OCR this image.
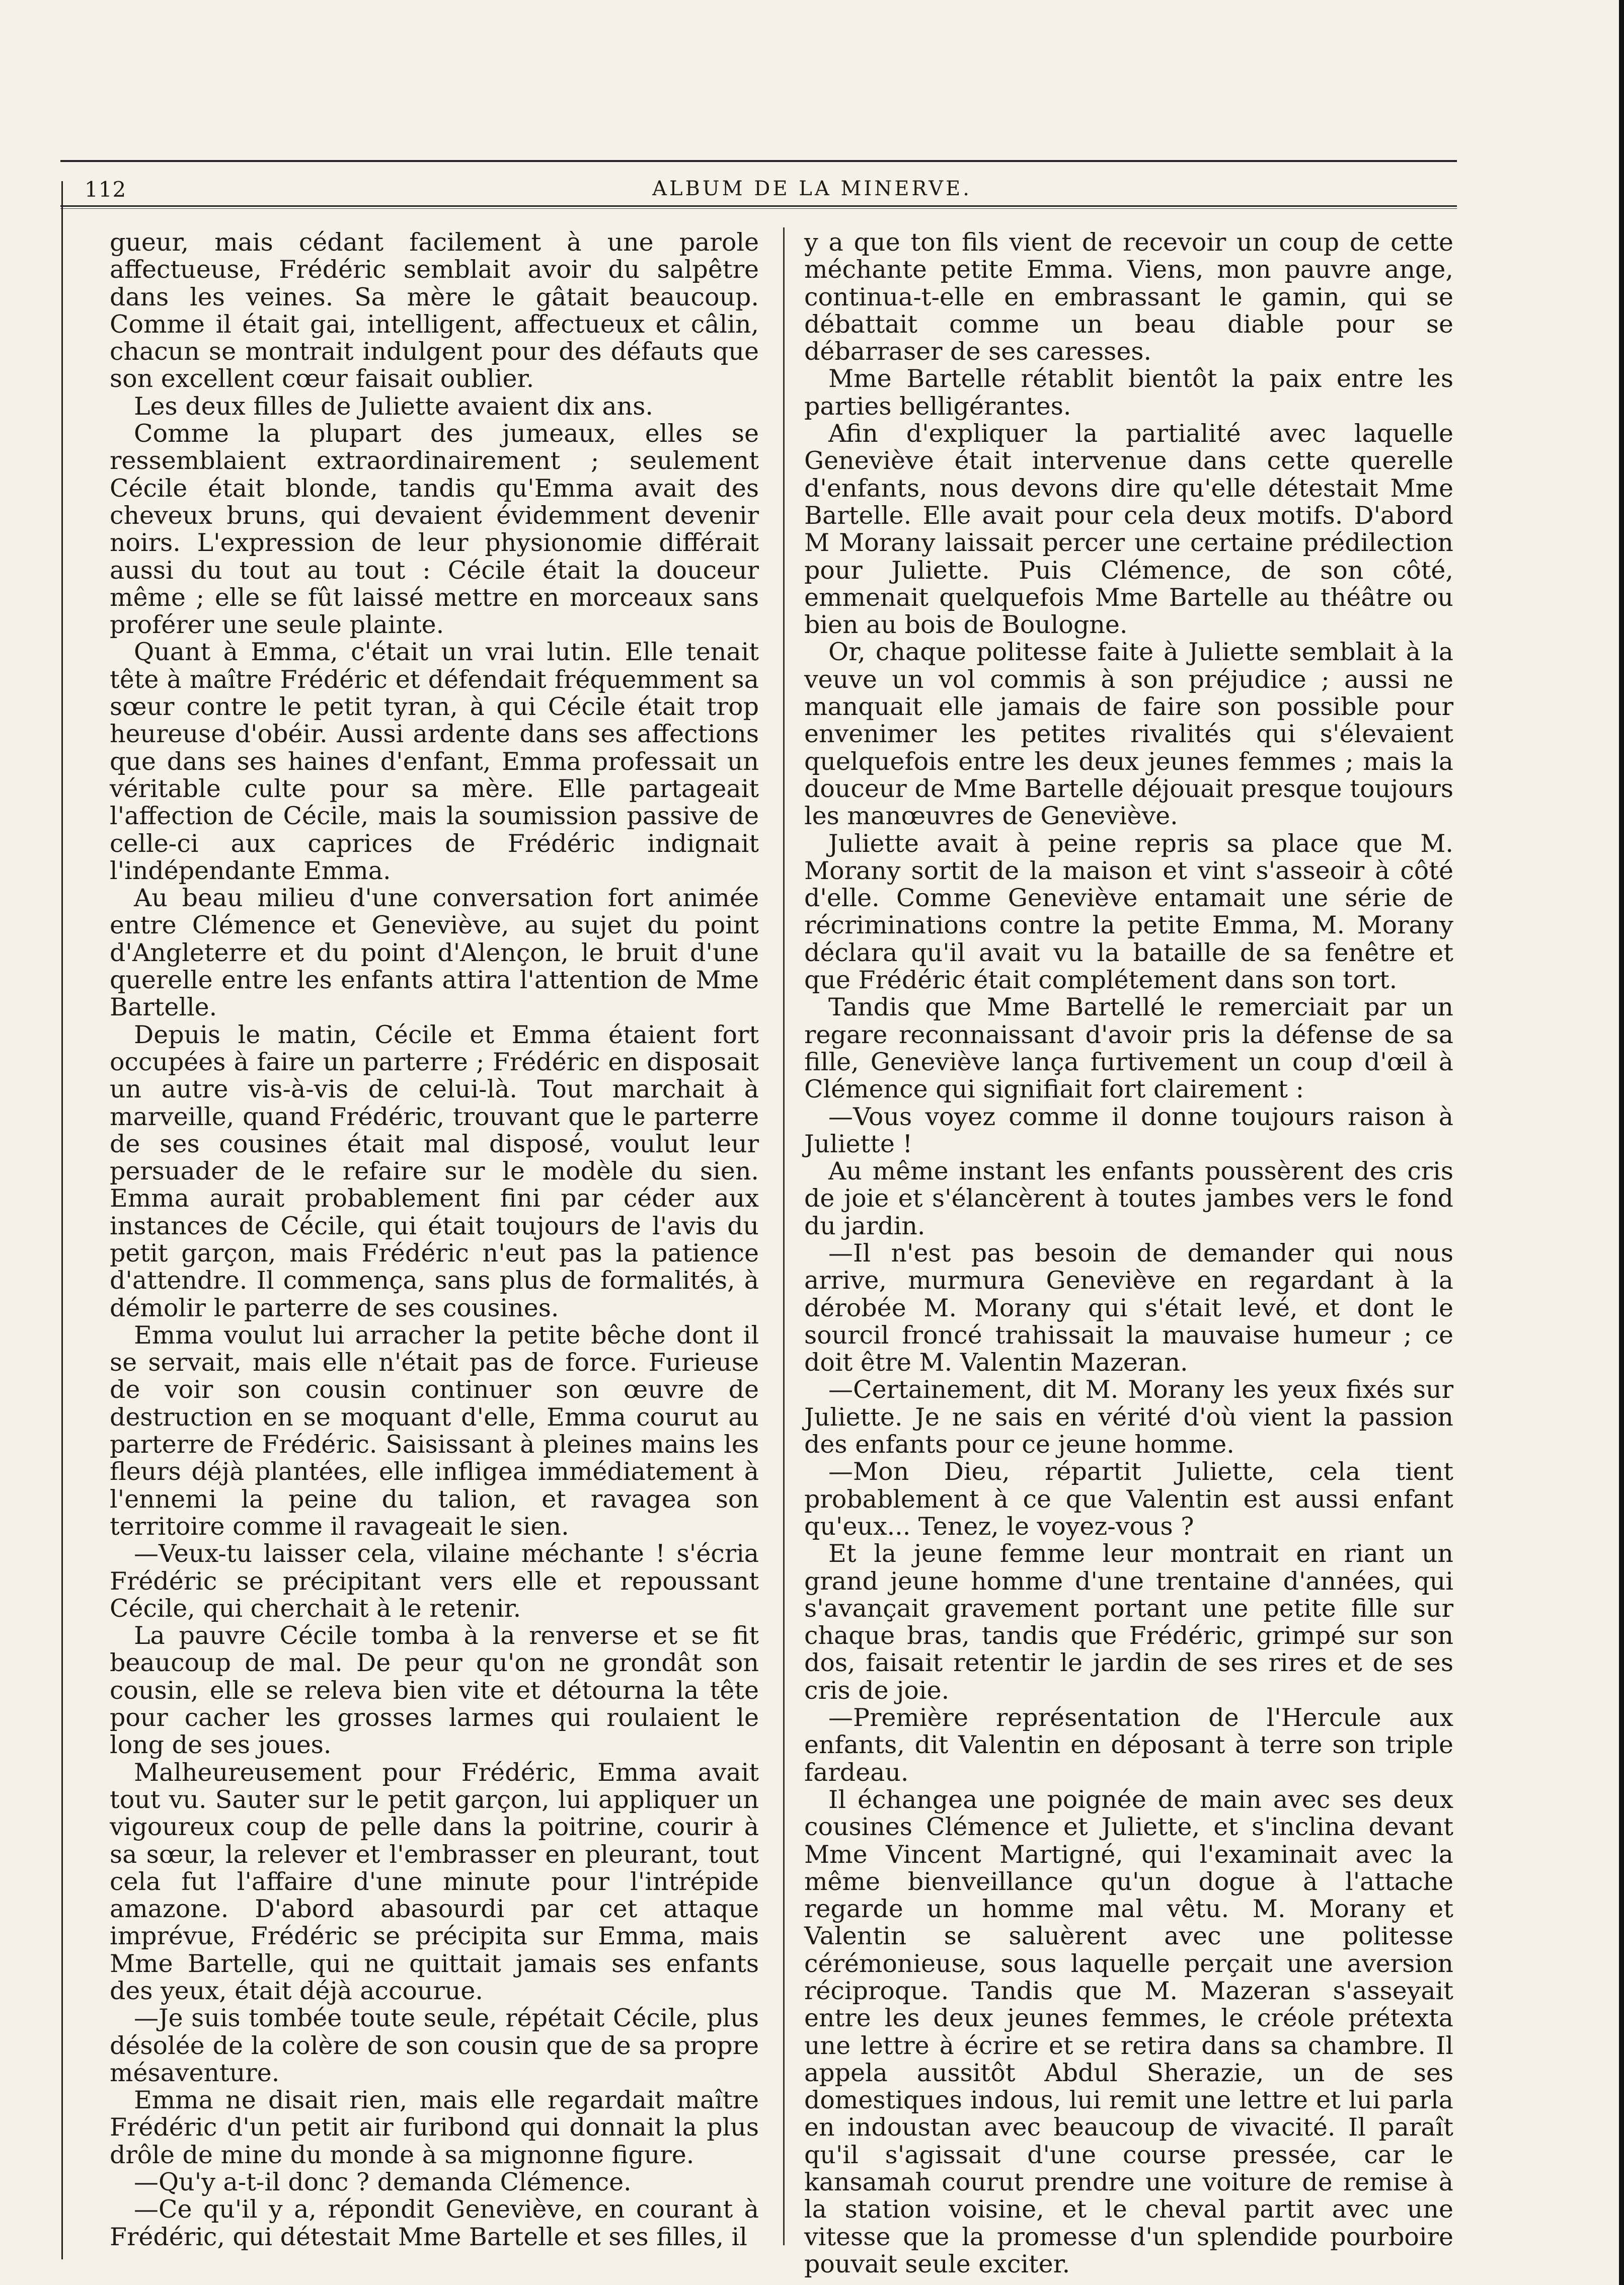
112	ALBUM DE LA MINERVE.

gueur, mais cédant facilement à une parole affectueuse, Frédéric semblait avoir du salpêtre dans les veines. Sa mère le gâtait beaucoup. Comme il était gai, intelligent, affectueux et câlin, chacun se montrait indulgent pour des défauts que son excellent cœur faisait oublier.

Les deux filles de Juliette avaient dix ans.

Comme la plupart des jumeaux, elles se ressemblaient extraordinairement ; seulement Cécile était blonde, tandis qu'Emma avait des cheveux bruns, qui devaient évidemment devenir noirs. L'expression de leur physionomie différait aussi du tout au tout : Cécile était la douceur même ; elle se fût laissé mettre en morceaux sans proférer une seule plainte.

Quant à Emma, c'était un vrai lutin. Elle tenait tête à maître Frédéric et défendait fréquemment sa sœur contre le petit tyran, à qui Cécile était trop heureuse d'obéir. Aussi ardente dans ses affections que dans ses haines d'enfant, Emma professait un véritable culte pour sa mère. Elle partageait l'affection de Cécile, mais la soumission passive de celle-ci aux caprices de Frédéric indignait l'indépendante Emma.

Au beau milieu d'une conversation fort animée entre Clémence et Geneviève, au sujet du point d'Angleterre et du point d'Alençon, le bruit d'une querelle entre les enfants attira l'attention de Mme Bartelle.

Depuis le matin, Cécile et Emma étaient fort occupées à faire un parterre ; Frédéric en disposait un autre vis-à-vis de celui-là. Tout marchait à marveille, quand Frédéric, trouvant que le parterre de ses cousines était mal disposé, voulut leur persuader de le refaire sur le modèle du sien. Emma aurait probablement fini par céder aux instances de Cécile, qui était toujours de l'avis du petit garçon, mais Frédéric n'eut pas la patience d'attendre. Il commença, sans plus de formalités, à démolir le parterre de ses cousines.

Emma voulut lui arracher la petite bêche dont il se servait, mais elle n'était pas de force. Furieuse de voir son cousin continuer son œuvre de destruction en se moquant d'elle, Emma courut au parterre de Frédéric. Saisissant à pleines mains les fleurs déjà plantées, elle infligea immédiatement à l'ennemi la peine du talion, et ravagea son territoire comme il ravageait le sien.

—Veux-tu laisser cela, vilaine méchante ! s'écria Frédéric se précipitant vers elle et repoussant Cécile, qui cherchait à le retenir.

La pauvre Cécile tomba à la renverse et se fit beaucoup de mal. De peur qu'on ne grondât son cousin, elle se releva bien vite et détourna la tête pour cacher les grosses larmes qui roulaient le long de ses joues.

Malheureusement pour Frédéric, Emma avait tout vu. Sauter sur le petit garçon, lui appliquer un vigoureux coup de pelle dans la poitrine, courir à sa sœur, la relever et l'embrasser en pleurant, tout cela fut l'affaire d'une minute pour l'intrépide amazone. D'abord abasourdi par cet attaque imprévue, Frédéric se précipita sur Emma, mais Mme Bartelle, qui ne quittait jamais ses enfants des yeux, était déjà accourue.

—Je suis tombée toute seule, répétait Cécile, plus désolée de la colère de son cousin que de sa propre mésaventure.

Emma ne disait rien, mais elle regardait maître Frédéric d'un petit air furibond qui donnait la plus drôle de mine du monde à sa mignonne figure.

—Qu'y a-t-il donc ? demanda Clémence.

—Ce qu'il y a, répondit Geneviève, en courant à Frédéric, qui détestait Mme Bartelle et ses filles, il

y a que ton fils vient de recevoir un coup de cette méchante petite Emma. Viens, mon pauvre ange, continua-t-elle en embrassant le gamin, qui se débattait comme un beau diable pour se débarraser de ses caresses.

Mme Bartelle rétablit bientôt la paix entre les parties belligérantes.

Afin d'expliquer la partialité avec laquelle Geneviève était intervenue dans cette querelle d'enfants, nous devons dire qu'elle détestait Mme Bartelle. Elle avait pour cela deux motifs. D'abord M Morany laissait percer une certaine prédilection pour Juliette. Puis Clémence, de son côté, emmenait quelquefois Mme Bartelle au théâtre ou bien au bois de Boulogne.

Or, chaque politesse faite à Juliette semblait à la veuve un vol commis à son préjudice ; aussi ne manquait elle jamais de faire son possible pour envenimer les petites rivalités qui s'élevaient quelquefois entre les deux jeunes femmes ; mais la douceur de Mme Bartelle déjouait presque toujours les manœuvres de Geneviève.

Juliette avait à peine repris sa place que M. Morany sortit de la maison et vint s'asseoir à côté d'elle. Comme Geneviève entamait une série de récriminations contre la petite Emma, M. Morany déclara qu'il avait vu la bataille de sa fenêtre et que Frédéric était complétement dans son tort.

Tandis que Mme Bartellé le remerciait par un regare reconnaissant d'avoir pris la défense de sa fille, Geneviève lança furtivement un coup d'œil à Clémence qui signifiait fort clairement :

—Vous voyez comme il donne toujours raison à Juliette !

Au même instant les enfants poussèrent des cris de joie et s'élancèrent à toutes jambes vers le fond du jardin.

—Il n'est pas besoin de demander qui nous arrive, murmura Geneviève en regardant à la dérobée M. Morany qui s'était levé, et dont le sourcil froncé trahissait la mauvaise humeur ; ce doit être M. Valentin Mazeran.

—Certainement, dit M. Morany les yeux fixés sur Juliette. Je ne sais en vérité d'où vient la passion des enfants pour ce jeune homme.

—Mon Dieu, répartit Juliette, cela tient probablement à ce que Valentin est aussi enfant qu'eux... Tenez, le voyez-vous ?

Et la jeune femme leur montrait en riant un grand jeune homme d'une trentaine d'années, qui s'avançait gravement portant une petite fille sur chaque bras, tandis que Frédéric, grimpé sur son dos, faisait retentir le jardin de ses rires et de ses cris de joie.

—Première représentation de l'Hercule aux enfants, dit Valentin en déposant à terre son triple fardeau.

Il échangea une poignée de main avec ses deux cousines Clémence et Juliette, et s'inclina devant Mme Vincent Martigné, qui l'examinait avec la même bienveillance qu'un dogue à l'attache regarde un homme mal vêtu. M. Morany et Valentin se saluèrent avec une politesse cérémonieuse, sous laquelle perçait une aversion réciproque. Tandis que M. Mazeran s'asseyait entre les deux jeunes femmes, le créole prétexta une lettre à écrire et se retira dans sa chambre. Il appela aussitôt Abdul Sherazie, un de ses domestiques indous, lui remit une lettre et lui parla en indoustan avec beaucoup de vivacité. Il paraît qu'il s'agissait d'une course pressée, car le kansamah courut prendre une voiture de remise à la station voisine, et le cheval partit avec une vitesse que la promesse d'un splendide pourboire pouvait seule exciter.
